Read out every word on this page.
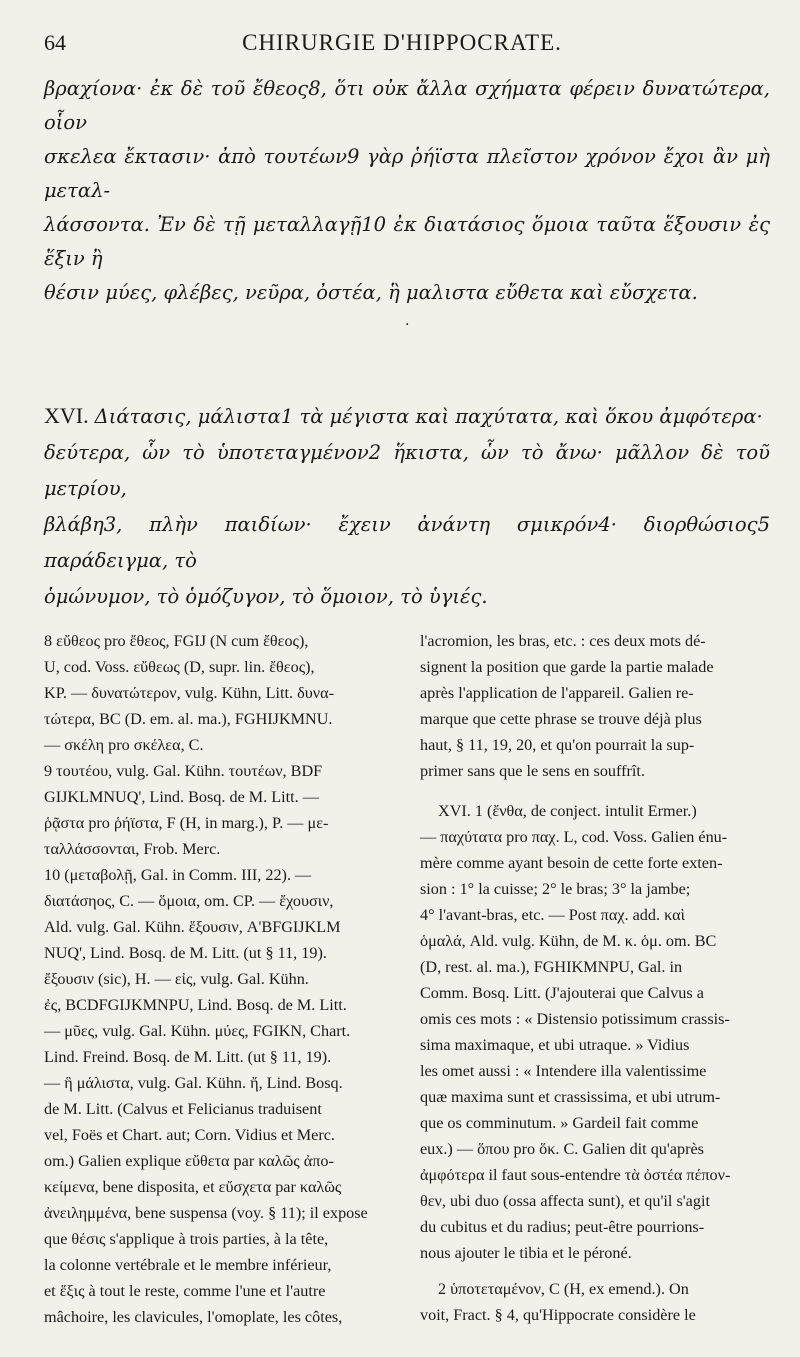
64	CHIRURGIE D'HIPPOCRATE.

βραχίονα· ἐκ δὲ τοῦ ἔθεος8, ὅτι οὐκ ἄλλα σχήματα φέρειν δυνατώτερα, οἷον

σκελεα ἔκτασιν· ἀπὸ τουτέων9 γὰρ ῥήϊστα πλεῖστον χρόνον ἔχοι ἂν μὴ μεταλ-

λάσσοντα. Ἐν δὲ τῇ μεταλλαγῇ10 ἐκ διατάσιος ὅμοια ταῦτα ἕξουσιν ἐς ἕξιν ἢ

θέσιν μύες, φλέβες, νεῦρα, ὀστέα, ἣ μαλιστα εὔθετα καὶ εὔσχετα.

·
XVI. Διάτασις, μάλιστα1 τὰ μέγιστα καὶ παχύτατα, καὶ ὅκου ἀμφότερα·
δεύτερα, ὧν τὸ ὑποτεταγμένον2 ἥκιστα, ὧν τὸ ἄνω· μᾶλλον δὲ τοῦ μετρίου,
βλάβη3, πλὴν παιδίων· ἔχειν ἀνάντη σμικρόν4· διορθώσιος5 παράδειγμα, τὸ
ὁμώνυμον, τὸ ὁμόζυγον, τὸ ὅμοιον, τὸ ὑγιές.

8 εὔθεος pro ἔθεος, FGIJ (N cum ἔθεος),

U, cod. Voss. εὔθεως (D, supr. lin. ἔθεος),

KP. — δυνατώτερον, vulg. Kühn, Litt. δυνα-

τώτερα, BC (D. em. al. ma.), FGHIJKMNU.

— σκέλη pro σκέλεα, C.

9 τουτέου, vulg. Gal. Kühn. τουτέων, BDF

GIJKLMNUQ', Lind. Bosq. de M. Litt. —

ῥᾷστα pro ῥήϊστα, F (H, in marg.), P. — με-

ταλλάσσονται, Frob. Merc.

10 (μεταβολῇ, Gal. in Comm. III, 22). —

διατάσηος, C. — ὅμοια, om. CP. — ἔχουσιν,

Ald. vulg. Gal. Kühn. ἕξουσιν, A'BFGIJKLM

NUQ', Lind. Bosq. de M. Litt. (ut § 11, 19).

ἔξουσιν (sic), H. — εἰς, vulg. Gal. Kühn.

ἐς, BCDFGIJKMNPU, Lind. Bosq. de M. Litt.

— μῦες, vulg. Gal. Kühn. μύες, FGIKN, Chart.

Lind. Freind. Bosq. de M. Litt. (ut § 11, 19).

— ἣ μάλιστα, vulg. Gal. Kühn. ἤ, Lind. Bosq.

de M. Litt. (Calvus et Felicianus traduisent

vel, Foës et Chart. aut; Corn. Vidius et Merc.

om.) Galien explique εὔθετα par καλῶς ἀπο-

κείμενα, bene disposita, et εὔσχετα par καλῶς

ἀνειλημμένα, bene suspensa (voy. § 11); il expose

que θέσις s'applique à trois parties, à la tête,

la colonne vertébrale et le membre inférieur,

et ἕξις à tout le reste, comme l'une et l'autre

mâchoire, les clavicules, l'omoplate, les côtes,

l'acromion, les bras, etc. : ces deux mots dé-

signent la position que garde la partie malade

après l'application de l'appareil. Galien re-

marque que cette phrase se trouve déjà plus

haut, § 11, 19, 20, et qu'on pourrait la sup-

primer sans que le sens en souffrît.

XVI. 1 (ἔνθα, de conject. intulit Ermer.)

— παχύτατα pro παχ. L, cod. Voss. Galien énu-

mère comme ayant besoin de cette forte exten-

sion : 1° la cuisse; 2° le bras; 3° la jambe;

4° l'avant-bras, etc. — Post παχ. add. καὶ

ὁμαλά, Ald. vulg. Kühn, de M. κ. ὁμ. om. BC

(D, rest. al. ma.), FGHIKMNPU, Gal. in

Comm. Bosq. Litt. (J'ajouterai que Calvus a

omis ces mots : « Distensio potissimum crassis-

sima maximaque, et ubi utraque. » Vidius

les omet aussi : « Intendere illa valentissime

quæ maxima sunt et crassissima, et ubi utrum-

que os comminutum. » Gardeil fait comme

eux.) — ὅπου pro ὅκ. C. Galien dit qu'après

ἀμφότερα il faut sous-entendre τὰ ὀστέα πέπον-

θεν, ubi duo (ossa affecta sunt), et qu'il s'agit

du cubitus et du radius; peut-être pourrions-

nous ajouter le tibia et le péroné.

2 ὑποτεταμένον, C (H, ex emend.). On

voit, Fract. § 4, qu'Hippocrate considère le
